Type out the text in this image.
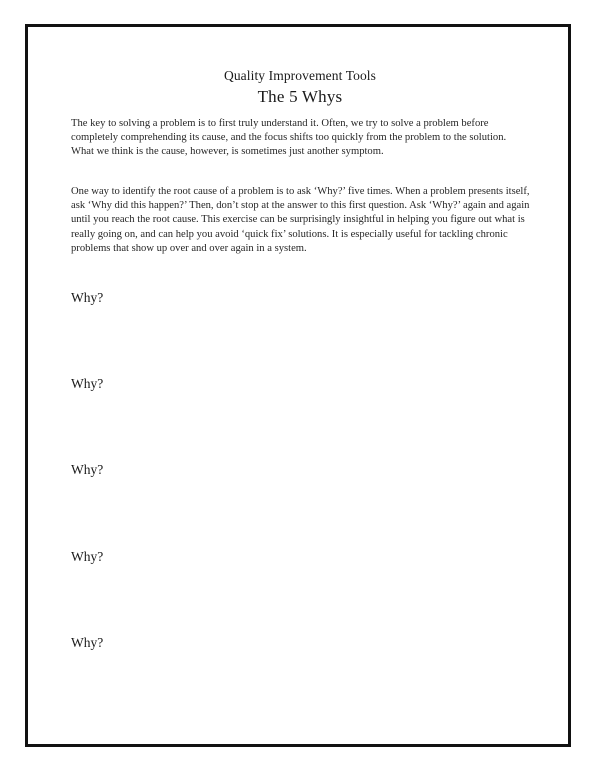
Quality Improvement Tools
The 5 Whys

The key to solving a problem is to first truly understand it. Often, we try to solve a problem before completely comprehending its cause, and the focus shifts too quickly from the problem to the solution. What we think is the cause, however, is sometimes just another symptom.

One way to identify the root cause of a problem is to ask ‘Why?’ five times. When a problem presents itself, ask ‘Why did this happen?’ Then, don’t stop at the answer to this first question. Ask ‘Why?’ again and again until you reach the root cause. This exercise can be surprisingly insightful in helping you figure out what is really going on, and can help you avoid ‘quick fix’ solutions. It is especially useful for tackling chronic problems that show up over and over again in a system.

Why?
Why?
Why?
Why?
Why?
